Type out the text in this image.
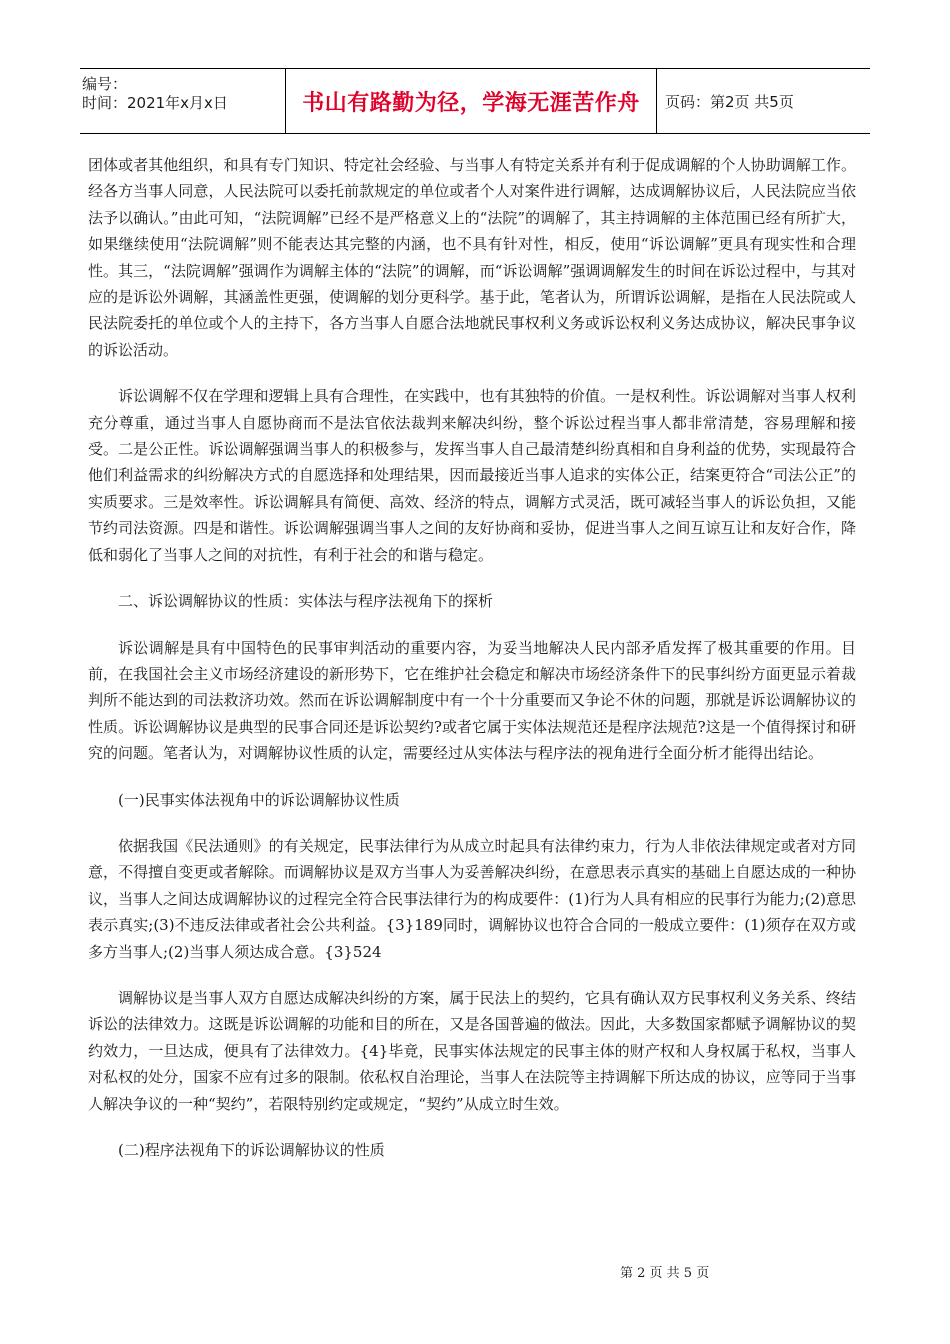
编号：
时间：2021年x月x日	书山有路勤为径，学海无涯苦作舟	页码：第2页 共5页

团体或者其他组织，和具有专门知识、特定社会经验、与当事人有特定关系并有利于促成调解的个人协助调解工作。经各方当事人同意，人民法院可以委托前款规定的单位或者个人对案件进行调解，达成调解协议后，人民法院应当依法予以确认。”由此可知，“法院调解”已经不是严格意义上的“法院”的调解了，其主持调解的主体范围已经有所扩大，如果继续使用“法院调解”则不能表达其完整的内涵，也不具有针对性，相反，使用“诉讼调解”更具有现实性和合理性。其三，“法院调解”强调作为调解主体的“法院”的调解，而“诉讼调解”强调调解发生的时间在诉讼过程中，与其对应的是诉讼外调解，其涵盖性更强，使调解的划分更科学。基于此，笔者认为，所谓诉讼调解，是指在人民法院或人民法院委托的单位或个人的主持下，各方当事人自愿合法地就民事权利义务或诉讼权利义务达成协议，解决民事争议的诉讼活动。

诉讼调解不仅在学理和逻辑上具有合理性，在实践中，也有其独特的价值。一是权利性。诉讼调解对当事人权利充分尊重，通过当事人自愿协商而不是法官依法裁判来解决纠纷，整个诉讼过程当事人都非常清楚，容易理解和接受。二是公正性。诉讼调解强调当事人的积极参与，发挥当事人自己最清楚纠纷真相和自身利益的优势，实现最符合他们利益需求的纠纷解决方式的自愿选择和处理结果，因而最接近当事人追求的实体公正，结案更符合“司法公正”的实质要求。三是效率性。诉讼调解具有简便、高效、经济的特点，调解方式灵活，既可减轻当事人的诉讼负担，又能节约司法资源。四是和谐性。诉讼调解强调当事人之间的友好协商和妥协，促进当事人之间互谅互让和友好合作，降低和弱化了当事人之间的对抗性，有利于社会的和谐与稳定。

二、诉讼调解协议的性质：实体法与程序法视角下的探析

诉讼调解是具有中国特色的民事审判活动的重要内容，为妥当地解决人民内部矛盾发挥了极其重要的作用。目前，在我国社会主义市场经济建设的新形势下，它在维护社会稳定和解决市场经济条件下的民事纠纷方面更显示着裁判所不能达到的司法救济功效。然而在诉讼调解制度中有一个十分重要而又争论不休的问题，那就是诉讼调解协议的性质。诉讼调解协议是典型的民事合同还是诉讼契约?或者它属于实体法规范还是程序法规范?这是一个值得探讨和研究的问题。笔者认为，对调解协议性质的认定，需要经过从实体法与程序法的视角进行全面分析才能得出结论。

(一)民事实体法视角中的诉讼调解协议性质

依据我国《民法通则》的有关规定，民事法律行为从成立时起具有法律约束力，行为人非依法律规定或者对方同意，不得擅自变更或者解除。而调解协议是双方当事人为妥善解决纠纷，在意思表示真实的基础上自愿达成的一种协议，当事人之间达成调解协议的过程完全符合民事法律行为的构成要件：(1)行为人具有相应的民事行为能力;(2)意思表示真实;(3)不违反法律或者社会公共利益。{3}189同时，调解协议也符合合同的一般成立要件：(1)须存在双方或多方当事人;(2)当事人须达成合意。{3}524

调解协议是当事人双方自愿达成解决纠纷的方案，属于民法上的契约，它具有确认双方民事权利义务关系、终结诉讼的法律效力。这既是诉讼调解的功能和目的所在，又是各国普遍的做法。因此，大多数国家都赋予调解协议的契约效力，一旦达成，便具有了法律效力。{4}毕竟，民事实体法规定的民事主体的财产权和人身权属于私权，当事人对私权的处分，国家不应有过多的限制。依私权自治理论，当事人在法院等主持调解下所达成的协议，应等同于当事人解决争议的一种“契约”，若限特别约定或规定，“契约”从成立时生效。

(二)程序法视角下的诉讼调解协议的性质

第 2 页 共 5 页
